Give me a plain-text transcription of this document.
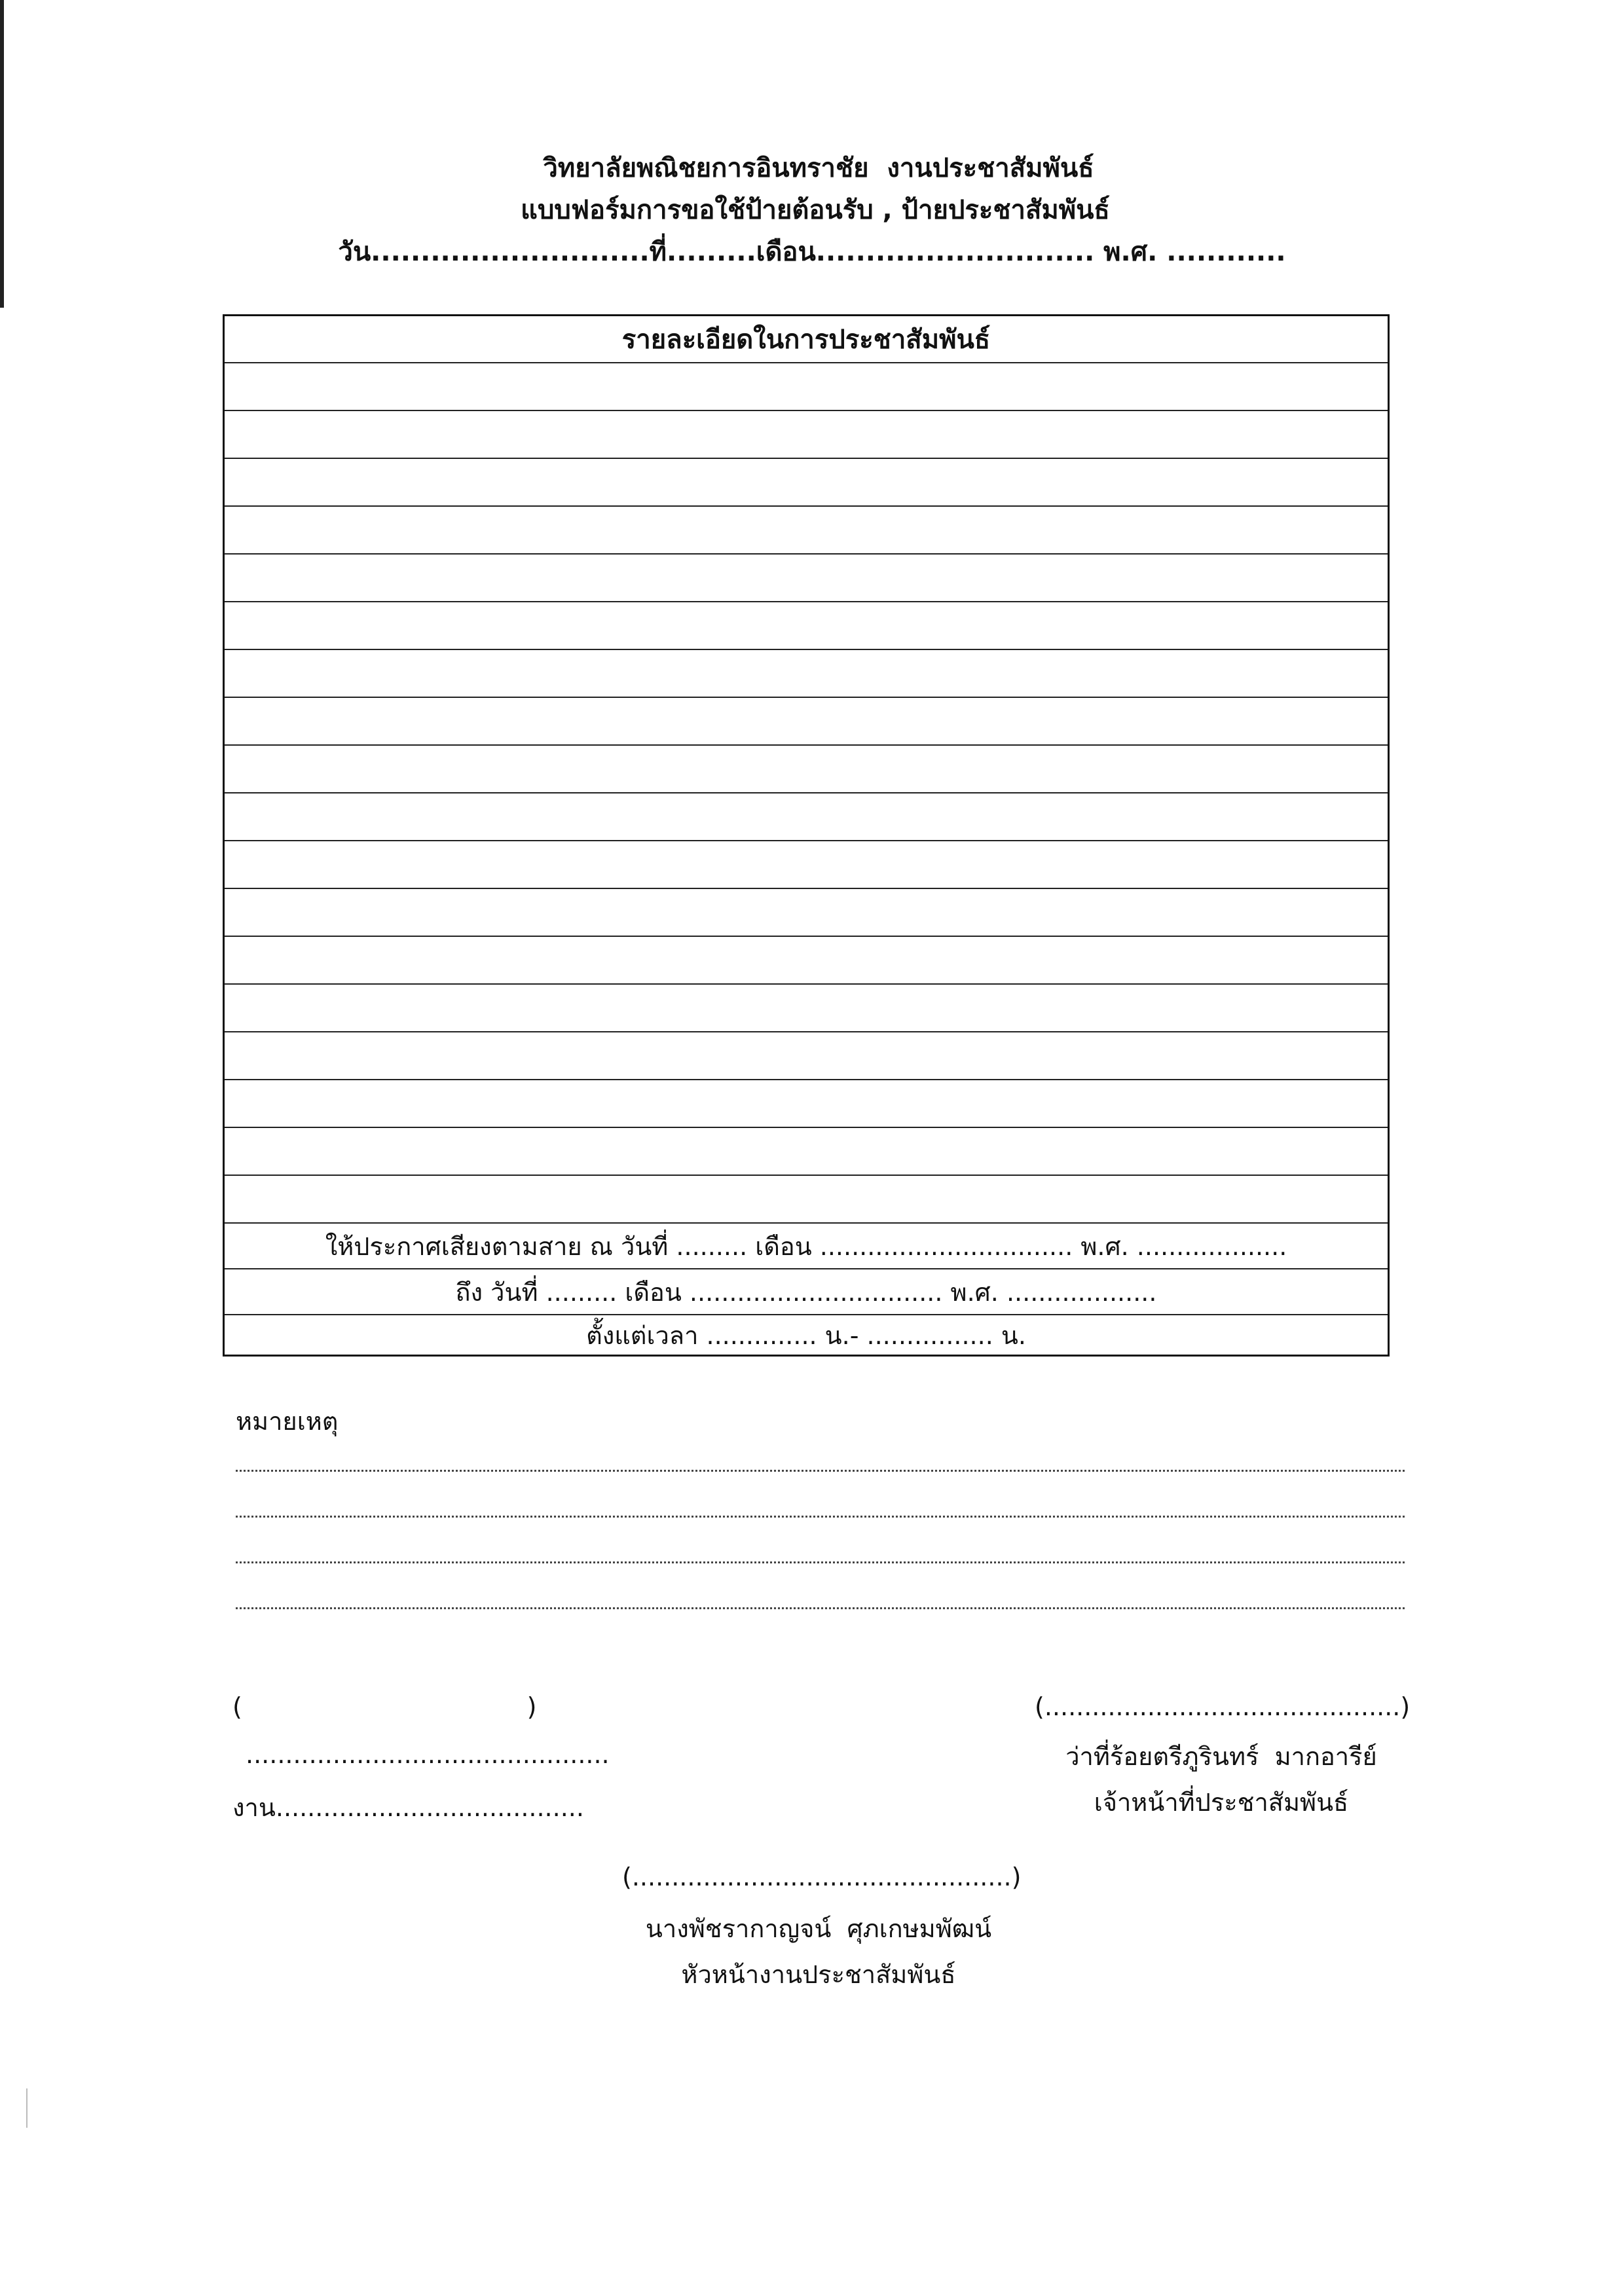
วิทยาลัยพณิชยการอินทราชัย  งานประชาสัมพันธ์
แบบฟอร์มการขอใช้ป้ายต้อนรับ , ป้ายประชาสัมพันธ์
วัน............................ที่.........เดือน............................ พ.ศ. ............
รายละเอียดในการประชาสัมพันธ์
ให้ประกาศเสียงตามสาย ณ วันที่ ......... เดือน ................................ พ.ศ. ...................
ถึง วันที่ ......... เดือน ................................ พ.ศ. ...................
ตั้งแต่เวลา .............. น.- ................ น.
หมายเหตุ
(                                    )
..............................................
งาน.......................................
(.............................................)
ว่าที่ร้อยตรีภูรินทร์  มากอารีย์
เจ้าหน้าที่ประชาสัมพันธ์
(................................................)
นางพัชรากาญจน์  ศุภเกษมพัฒน์
หัวหน้างานประชาสัมพันธ์
